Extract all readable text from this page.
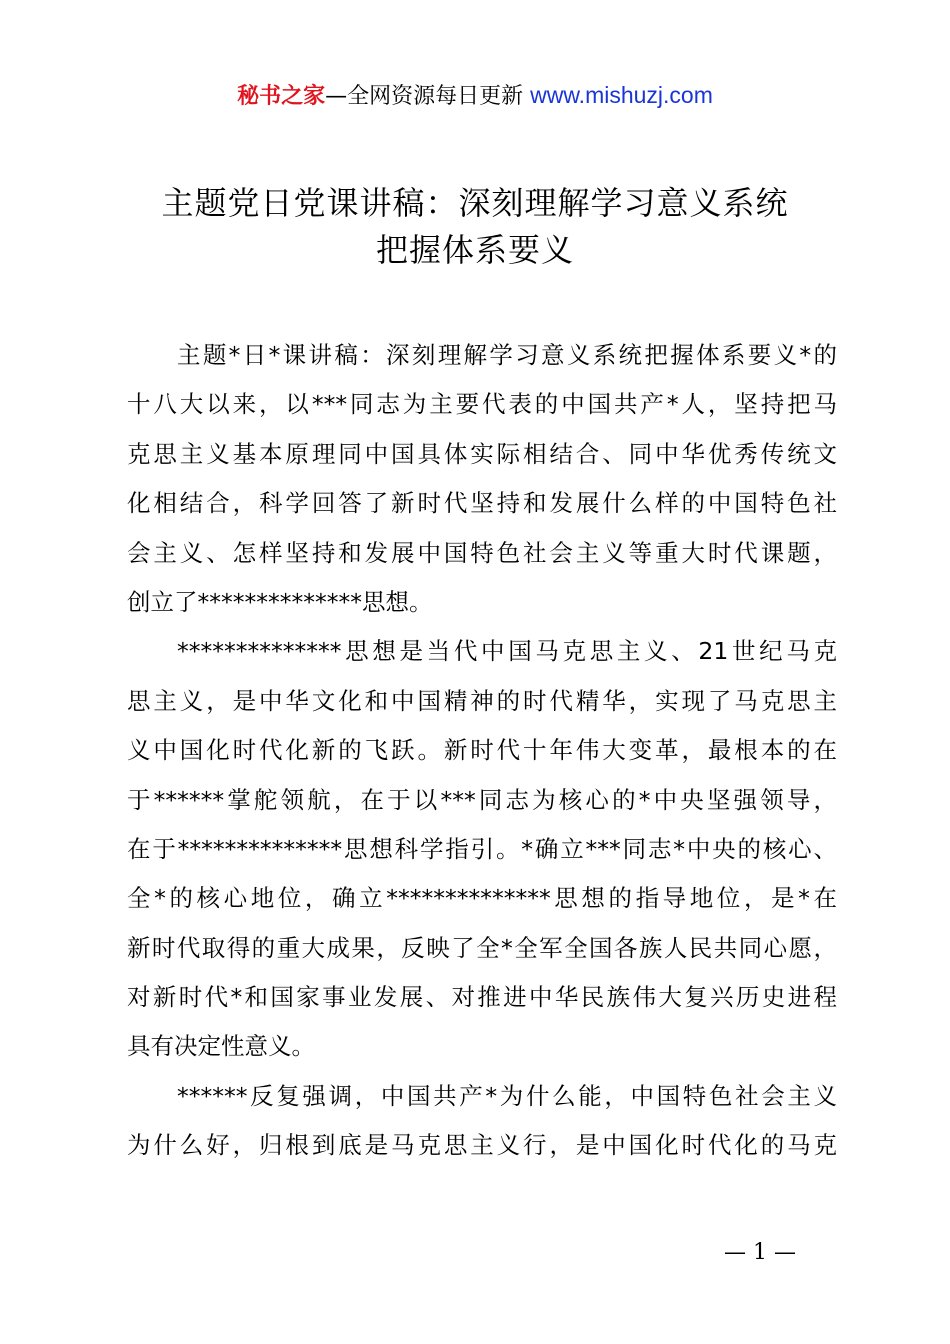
秘书之家—全网资源每日更新 www.mishuzj.com
主题党日党课讲稿：深刻理解学习意义系统
把握体系要义
主题*日*课讲稿：深刻理解学习意义系统把握体系要义*的
十八大以来，以***同志为主要代表的中国共产*人，坚持把马
克思主义基本原理同中国具体实际相结合、同中华优秀传统文
化相结合，科学回答了新时代坚持和发展什么样的中国特色社
会主义、怎样坚持和发展中国特色社会主义等重大时代课题，
创立了**************思想。
**************思想是当代中国马克思主义、21世纪马克
思主义，是中华文化和中国精神的时代精华，实现了马克思主
义中国化时代化新的飞跃。新时代十年伟大变革，最根本的在
于******掌舵领航，在于以***同志为核心的*中央坚强领导，
在于**************思想科学指引。*确立***同志*中央的核心、
全*的核心地位，确立**************思想的指导地位，是*在
新时代取得的重大成果，反映了全*全军全国各族人民共同心愿，
对新时代*和国家事业发展、对推进中华民族伟大复兴历史进程
具有决定性意义。
******反复强调，中国共产*为什么能，中国特色社会主义
为什么好，归根到底是马克思主义行，是中国化时代化的马克
— 1 —
